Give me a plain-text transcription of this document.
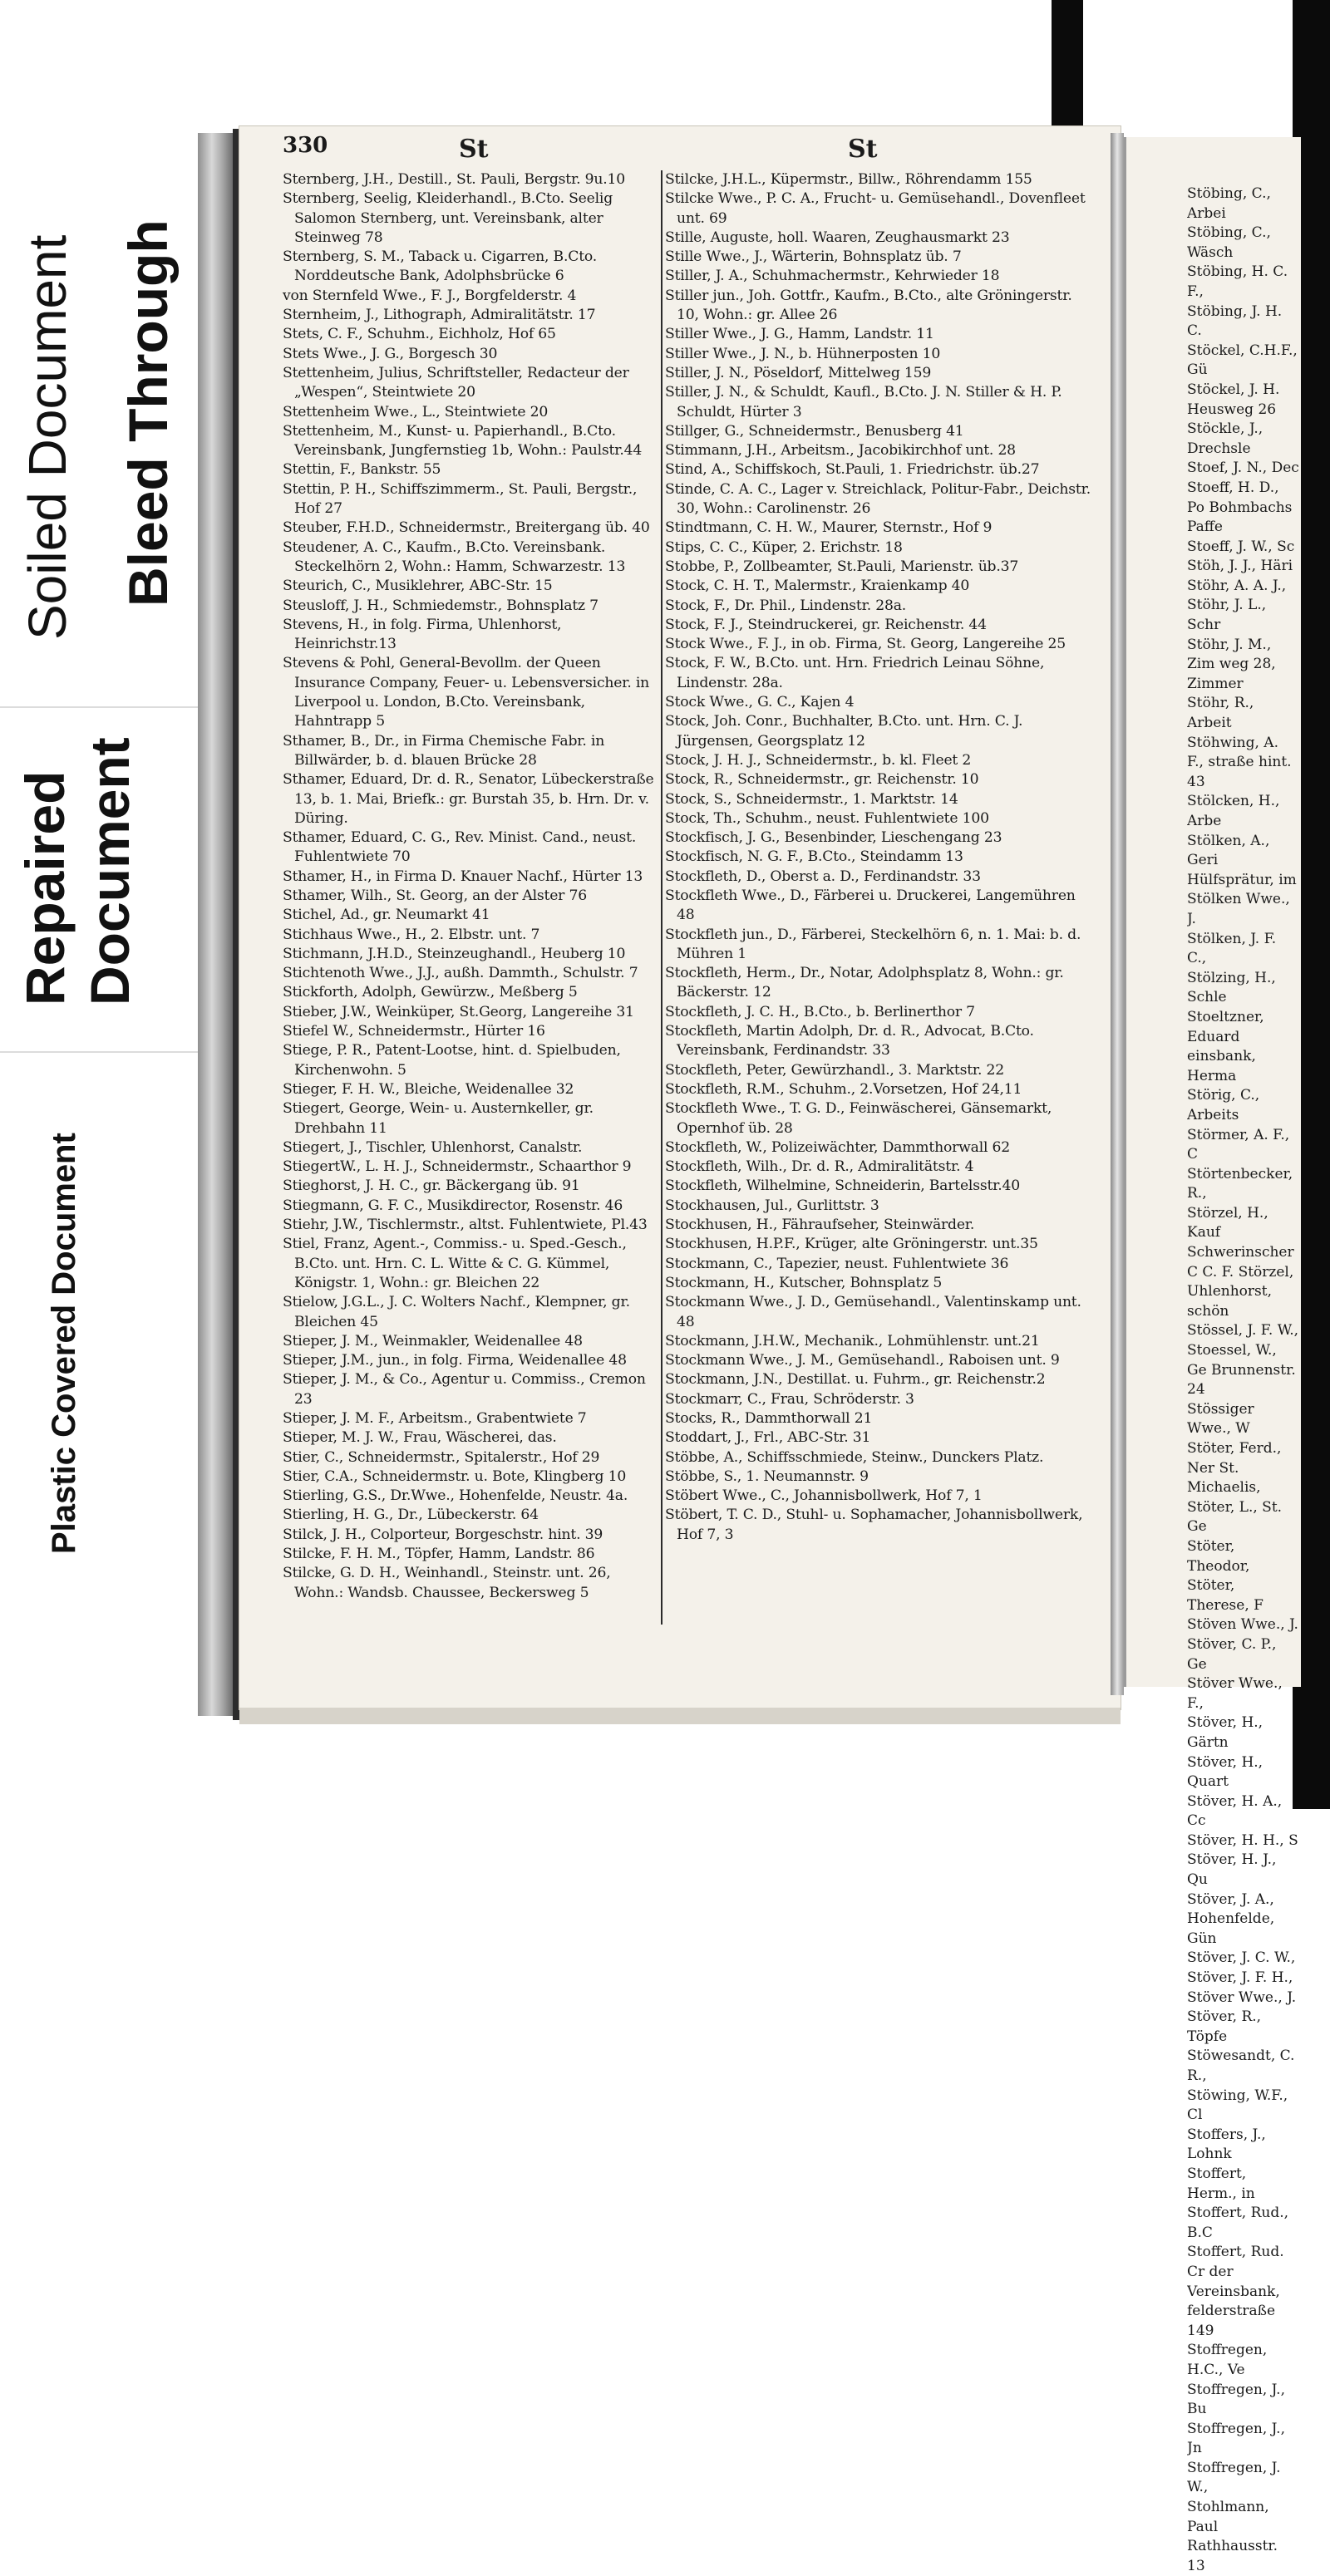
Soiled Document Bleed Through
Repaired Document
Plastic Covered Document
330	St	St

Sternberg, J.H., Destill., St. Pauli, Bergstr. 9u.10

Sternberg, Seelig, Kleiderhandl., B.Cto. Seelig Salomon Sternberg, unt. Vereinsbank, alter Steinweg 78

Sternberg, S. M., Taback u. Cigarren, B.Cto. Norddeutsche Bank, Adolphsbrücke 6

von Sternfeld Wwe., F. J., Borgfelderstr. 4

Sternheim, J., Lithograph, Admiralitätstr. 17

Stets, C. F., Schuhm., Eichholz, Hof 65

Stets Wwe., J. G., Borgesch 30

Stettenheim, Julius, Schriftsteller, Redacteur der „Wespen“, Steintwiete 20

Stettenheim Wwe., L., Steintwiete 20

Stettenheim, M., Kunst- u. Papierhandl., B.Cto. Vereinsbank, Jungfernstieg 1b, Wohn.: Paulstr.44

Stettin, F., Bankstr. 55

Stettin, P. H., Schiffszimmerm., St. Pauli, Bergstr., Hof 27

Steuber, F.H.D., Schneidermstr., Breitergang üb. 40

Steudener, A. C., Kaufm., B.Cto. Vereinsbank. Steckelhörn 2, Wohn.: Hamm, Schwarzestr. 13

Steurich, C., Musiklehrer, ABC-Str. 15

Steusloff, J. H., Schmiedemstr., Bohnsplatz 7

Stevens, H., in folg. Firma, Uhlenhorst, Heinrichstr.13

Stevens & Pohl, General-Bevollm. der Queen Insurance Company, Feuer- u. Lebensversicher. in Liverpool u. London, B.Cto. Vereinsbank, Hahntrapp 5

Sthamer, B., Dr., in Firma Chemische Fabr. in Billwärder, b. d. blauen Brücke 28

Sthamer, Eduard, Dr. d. R., Senator, Lübeckerstraße 13, b. 1. Mai, Briefk.: gr. Burstah 35, b. Hrn. Dr. v. Düring.

Sthamer, Eduard, C. G., Rev. Minist. Cand., neust. Fuhlentwiete 70

Sthamer, H., in Firma D. Knauer Nachf., Hürter 13

Sthamer, Wilh., St. Georg, an der Alster 76

Stichel, Ad., gr. Neumarkt 41

Stichhaus Wwe., H., 2. Elbstr. unt. 7

Stichmann, J.H.D., Steinzeughandl., Heuberg 10

Stichtenoth Wwe., J.J., außh. Dammth., Schulstr. 7

Stickforth, Adolph, Gewürzw., Meßberg 5

Stieber, J.W., Weinküper, St.Georg, Langereihe 31

Stiefel W., Schneidermstr., Hürter 16

Stiege, P. R., Patent-Lootse, hint. d. Spielbuden, Kirchenwohn. 5

Stieger, F. H. W., Bleiche, Weidenallee 32

Stiegert, George, Wein- u. Austernkeller, gr. Drehbahn 11

Stiegert, J., Tischler, Uhlenhorst, Canalstr.

StiegertW., L. H. J., Schneidermstr., Schaarthor 9

Stieghorst, J. H. C., gr. Bäckergang üb. 91

Stiegmann, G. F. C., Musikdirector, Rosenstr. 46

Stiehr, J.W., Tischlermstr., altst. Fuhlentwiete, Pl.43

Stiel, Franz, Agent.-, Commiss.- u. Sped.-Gesch., B.Cto. unt. Hrn. C. L. Witte & C. G. Kümmel, Königstr. 1, Wohn.: gr. Bleichen 22

Stielow, J.G.L., J. C. Wolters Nachf., Klempner, gr. Bleichen 45

Stieper, J. M., Weinmakler, Weidenallee 48

Stieper, J.M., jun., in folg. Firma, Weidenallee 48

Stieper, J. M., & Co., Agentur u. Commiss., Cremon 23

Stieper, J. M. F., Arbeitsm., Grabentwiete 7

Stieper, M. J. W., Frau, Wäscherei, das.

Stier, C., Schneidermstr., Spitalerstr., Hof 29

Stier, C.A., Schneidermstr. u. Bote, Klingberg 10

Stierling, G.S., Dr.Wwe., Hohenfelde, Neustr. 4a.

Stierling, H. G., Dr., Lübeckerstr. 64

Stilck, J. H., Colporteur, Borgeschstr. hint. 39

Stilcke, F. H. M., Töpfer, Hamm, Landstr. 86

Stilcke, G. D. H., Weinhandl., Steinstr. unt. 26, Wohn.: Wandsb. Chaussee, Beckersweg 5

Stilcke, J.H.L., Küpermstr., Billw., Röhrendamm 155

Stilcke Wwe., P. C. A., Frucht- u. Gemüsehandl., Dovenfleet unt. 69

Stille, Auguste, holl. Waaren, Zeughausmarkt 23

Stille Wwe., J., Wärterin, Bohnsplatz üb. 7

Stiller, J. A., Schuhmachermstr., Kehrwieder 18

Stiller jun., Joh. Gottfr., Kaufm., B.Cto., alte Gröningerstr. 10, Wohn.: gr. Allee 26

Stiller Wwe., J. G., Hamm, Landstr. 11

Stiller Wwe., J. N., b. Hühnerposten 10

Stiller, J. N., Pöseldorf, Mittelweg 159

Stiller, J. N., & Schuldt, Kaufl., B.Cto. J. N. Stiller & H. P. Schuldt, Hürter 3

Stillger, G., Schneidermstr., Benusberg 41

Stimmann, J.H., Arbeitsm., Jacobikirchhof unt. 28

Stind, A., Schiffskoch, St.Pauli, 1. Friedrichstr. üb.27

Stinde, C. A. C., Lager v. Streichlack, Politur-Fabr., Deichstr. 30, Wohn.: Carolinenstr. 26

Stindtmann, C. H. W., Maurer, Sternstr., Hof 9

Stips, C. C., Küper, 2. Erichstr. 18

Stobbe, P., Zollbeamter, St.Pauli, Marienstr. üb.37

Stock, C. H. T., Malermstr., Kraienkamp 40

Stock, F., Dr. Phil., Lindenstr. 28a.

Stock, F. J., Steindruckerei, gr. Reichenstr. 44

Stock Wwe., F. J., in ob. Firma, St. Georg, Langereihe 25

Stock, F. W., B.Cto. unt. Hrn. Friedrich Leinau Söhne, Lindenstr. 28a.

Stock Wwe., G. C., Kajen 4

Stock, Joh. Conr., Buchhalter, B.Cto. unt. Hrn. C. J. Jürgensen, Georgsplatz 12

Stock, J. H. J., Schneidermstr., b. kl. Fleet 2

Stock, R., Schneidermstr., gr. Reichenstr. 10

Stock, S., Schneidermstr., 1. Marktstr. 14

Stock, Th., Schuhm., neust. Fuhlentwiete 100

Stockfisch, J. G., Besenbinder, Lieschengang 23

Stockfisch, N. G. F., B.Cto., Steindamm 13

Stockfleth, D., Oberst a. D., Ferdinandstr. 33

Stockfleth Wwe., D., Färberei u. Druckerei, Langemühren 48

Stockfleth jun., D., Färberei, Steckelhörn 6, n. 1. Mai: b. d. Mühren 1

Stockfleth, Herm., Dr., Notar, Adolphsplatz 8, Wohn.: gr. Bäckerstr. 12

Stockfleth, J. C. H., B.Cto., b. Berlinerthor 7

Stockfleth, Martin Adolph, Dr. d. R., Advocat, B.Cto. Vereinsbank, Ferdinandstr. 33

Stockfleth, Peter, Gewürzhandl., 3. Marktstr. 22

Stockfleth, R.M., Schuhm., 2.Vorsetzen, Hof 24,11

Stockfleth Wwe., T. G. D., Feinwäscherei, Gänsemarkt, Opernhof üb. 28

Stockfleth, W., Polizeiwächter, Dammthorwall 62

Stockfleth, Wilh., Dr. d. R., Admiralitätstr. 4

Stockfleth, Wilhelmine, Schneiderin, Bartelsstr.40

Stockhausen, Jul., Gurlittstr. 3

Stockhusen, H., Fähraufseher, Steinwärder.

Stockhusen, H.P.F., Krüger, alte Gröningerstr. unt.35

Stockmann, C., Tapezier, neust. Fuhlentwiete 36

Stockmann, H., Kutscher, Bohnsplatz 5

Stockmann Wwe., J. D., Gemüsehandl., Valentinskamp unt. 48

Stockmann, J.H.W., Mechanik., Lohmühlenstr. unt.21

Stockmann Wwe., J. M., Gemüsehandl., Raboisen unt. 9

Stockmann, J.N., Destillat. u. Fuhrm., gr. Reichenstr.2

Stockmarr, C., Frau, Schröderstr. 3

Stocks, R., Dammthorwall 21

Stoddart, J., Frl., ABC-Str. 31

Stöbbe, A., Schiffsschmiede, Steinw., Dunckers Platz.

Stöbbe, S., 1. Neumannstr. 9

Stöbert Wwe., C., Johannisbollwerk, Hof 7, 1

Stöbert, T. C. D., Stuhl- u. Sophamacher, Johannisbollwerk, Hof 7, 3

Stöbing, C., Arbei

Stöbing, C., Wäsch

Stöbing, H. C. F.,

Stöbing, J. H. C.

Stöckel, C.H.F., Gü

Stöckel, J. H. Heusweg 26

Stöckle, J., Drechsle

Stoef, J. N., Dec

Stoeff, H. D., Po Bohmbachs Paffe

Stoeff, J. W., Sc

Stöh, J. J., Häri

Stöhr, A. A. J.,

Stöhr, J. L., Schr

Stöhr, J. M., Zim weg 28, Zimmer

Stöhr, R., Arbeit

Stöhwing, A. F., straße hint. 43

Stölcken, H., Arbe

Stölken, A., Geri Hülfsprätur, im

Stölken Wwe., J.

Stölken, J. F. C.,

Stölzing, H., Schle

Stoeltzner, Eduard einsbank, Herma

Störig, C., Arbeits

Störmer, A. F., C

Störtenbecker, R.,

Störzel, H., Kauf Schwerinscher C C. F. Störzel, Uhlenhorst, schön

Stössel, J. F. W.,

Stoessel, W., Ge Brunnenstr. 24

Stössiger Wwe., W

Stöter, Ferd., Ner St. Michaelis,

Stöter, L., St. Ge

Stöter, Theodor,

Stöter, Therese, F

Stöven Wwe., J.

Stöver, C. P., Ge

Stöver Wwe., F.,

Stöver, H., Gärtn

Stöver, H., Quart

Stöver, H. A., Cc

Stöver, H. H., S

Stöver, H. J., Qu

Stöver, J. A., Hohenfelde, Gün

Stöver, J. C. W.,

Stöver, J. F. H.,

Stöver Wwe., J.

Stöver, R., Töpfe

Stöwesandt, C. R.,

Stöwing, W.F., Cl

Stoffers, J., Lohnk

Stoffert, Herm., in

Stoffert, Rud., B.C

Stoffert, Rud. Cr der Vereinsbank, felderstraße 149

Stoffregen, H.C., Ve

Stoffregen, J., Bu

Stoffregen, J., Jn

Stoffregen, J. W.,

Stohlmann, Paul Rathhausstr. 13
